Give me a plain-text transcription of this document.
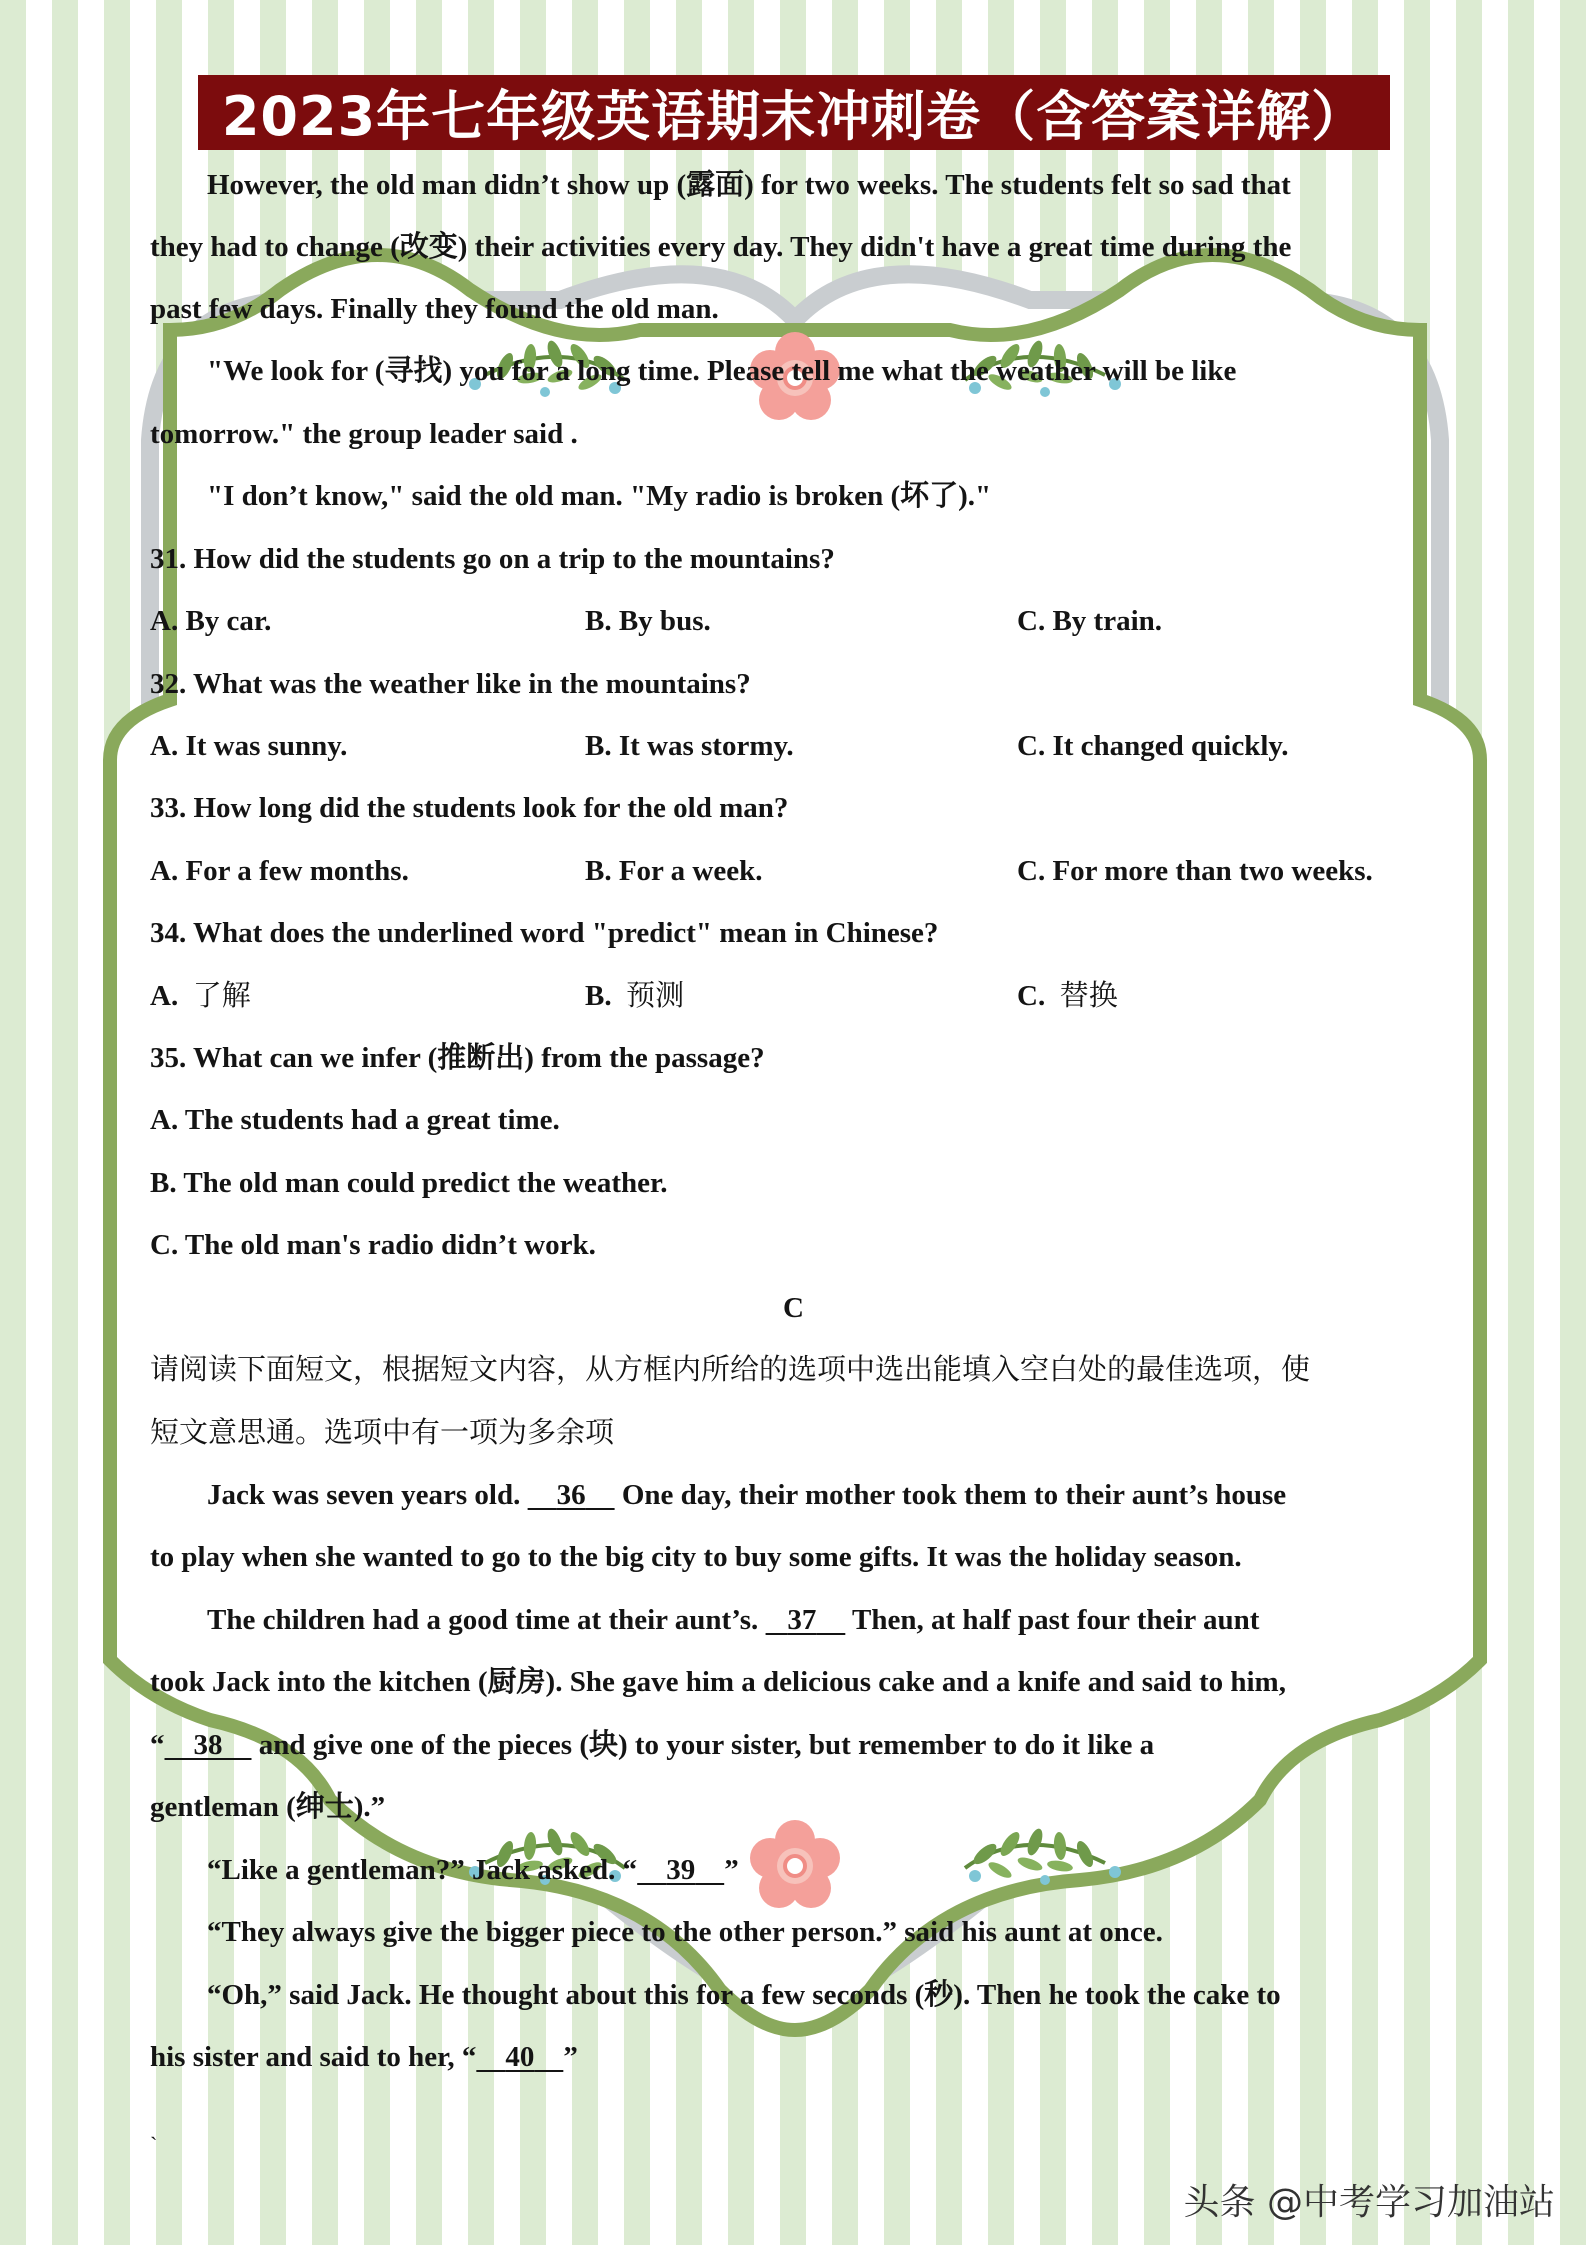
2023年七年级英语期末冲刺卷（含答案详解）
However, the old man didn’t show up (露面) for two weeks. The students felt so sad that
they had to change (改变) their activities every day. They didn't have a great time during the
past few days. Finally they found the old man.
"We look for (寻找) you for a long time. Please tell me what the weather will be like
tomorrow." the group leader said .
"I don’t know," said the old man. "My radio is broken (坏了)."
31. How did the students go on a trip to the mountains?
A. By car.	B. By bus.	C. By train.
32. What was the weather like in the mountains?
A. It was sunny.	B. It was stormy.	C. It changed quickly.
33. How long did the students look for the old man?
A. For a few months.	B. For a week.	C. For more than two weeks.
34. What does the underlined word "predict" mean in Chinese?
A. 了解	B. 预测	C. 替换
35. What can we infer (推断出) from the passage?
A. The students had a great time.
B. The old man could predict the weather.
C. The old man's radio didn’t work.
C
请阅读下面短文，根据短文内容，从方框内所给的选项中选出能填入空白处的最佳选项，使
短文意思通。选项中有一项为多余项
Jack was seven years old. 36 One day, their mother took them to their aunt’s house
to play when she wanted to go to the big city to buy some gifts. It was the holiday season.
The children had a good time at their aunt’s. 37 Then, at half past four their aunt
took Jack into the kitchen (厨房). She gave him a delicious cake and a knife and said to him,
“ 38 and give one of the pieces (块) to your sister, but remember to do it like a
gentleman (绅士).”
“Like a gentleman?” Jack asked. “ 39 ”
“They always give the bigger piece to the other person.” said his aunt at once.
“Oh,” said Jack. He thought about this for a few seconds (秒). Then he took the cake to
his sister and said to her, “ 40 ”
`
头条 @中考学习加油站
